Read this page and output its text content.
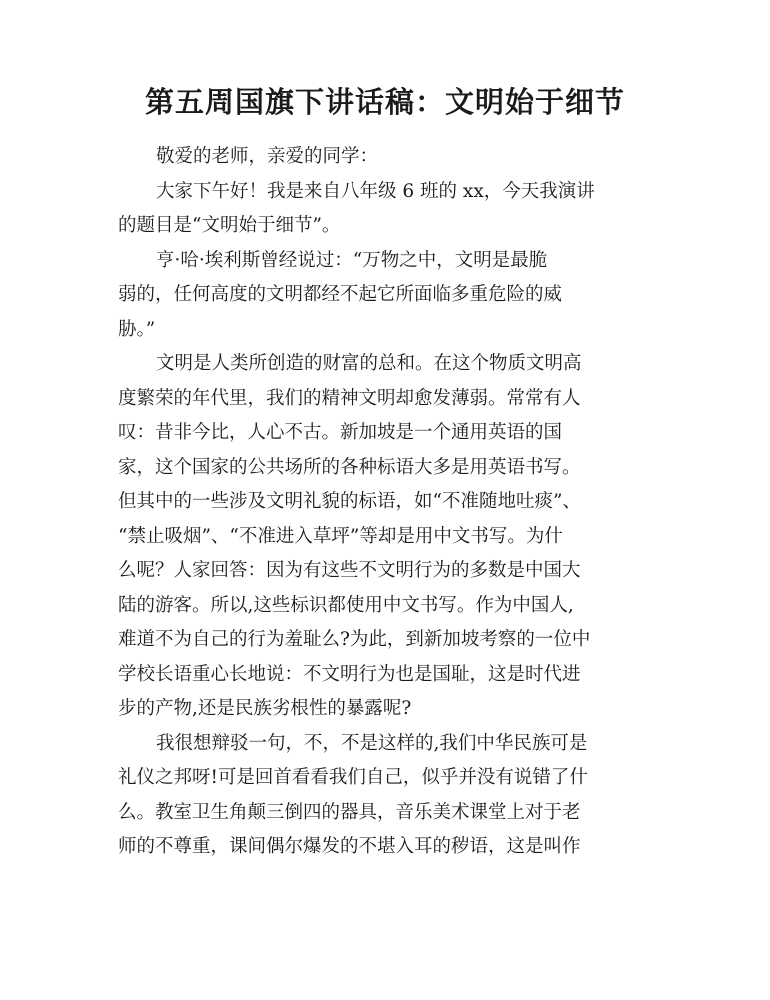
第五周国旗下讲话稿：文明始于细节
敬爱的老师，亲爱的同学：
大家下午好！我是来自八年级 6 班的 xx，今天我演讲
的题目是“文明始于细节”。
亨·哈·埃利斯曾经说过：“万物之中，文明是最脆
弱的，任何高度的文明都经不起它所面临多重危险的威
胁。”
文明是人类所创造的财富的总和。在这个物质文明高
度繁荣的年代里，我们的精神文明却愈发薄弱。常常有人
叹：昔非今比，人心不古。新加坡是一个通用英语的国
家，这个国家的公共场所的各种标语大多是用英语书写。
但其中的一些涉及文明礼貌的标语，如“不准随地吐痰”、
“禁止吸烟”、“不准进入草坪”等却是用中文书写。为什
么呢？人家回答：因为有这些不文明行为的多数是中国大
陆的游客。所以,这些标识都使用中文书写。作为中国人,
难道不为自己的行为羞耻么?为此，到新加坡考察的一位中
学校长语重心长地说：不文明行为也是国耻，这是时代进
步的产物,还是民族劣根性的暴露呢?
我很想辩驳一句，不，不是这样的,我们中华民族可是
礼仪之邦呀!可是回首看看我们自己，似乎并没有说错了什
么。教室卫生角颠三倒四的器具，音乐美术课堂上对于老
师的不尊重，课间偶尔爆发的不堪入耳的秽语，这是叫作
